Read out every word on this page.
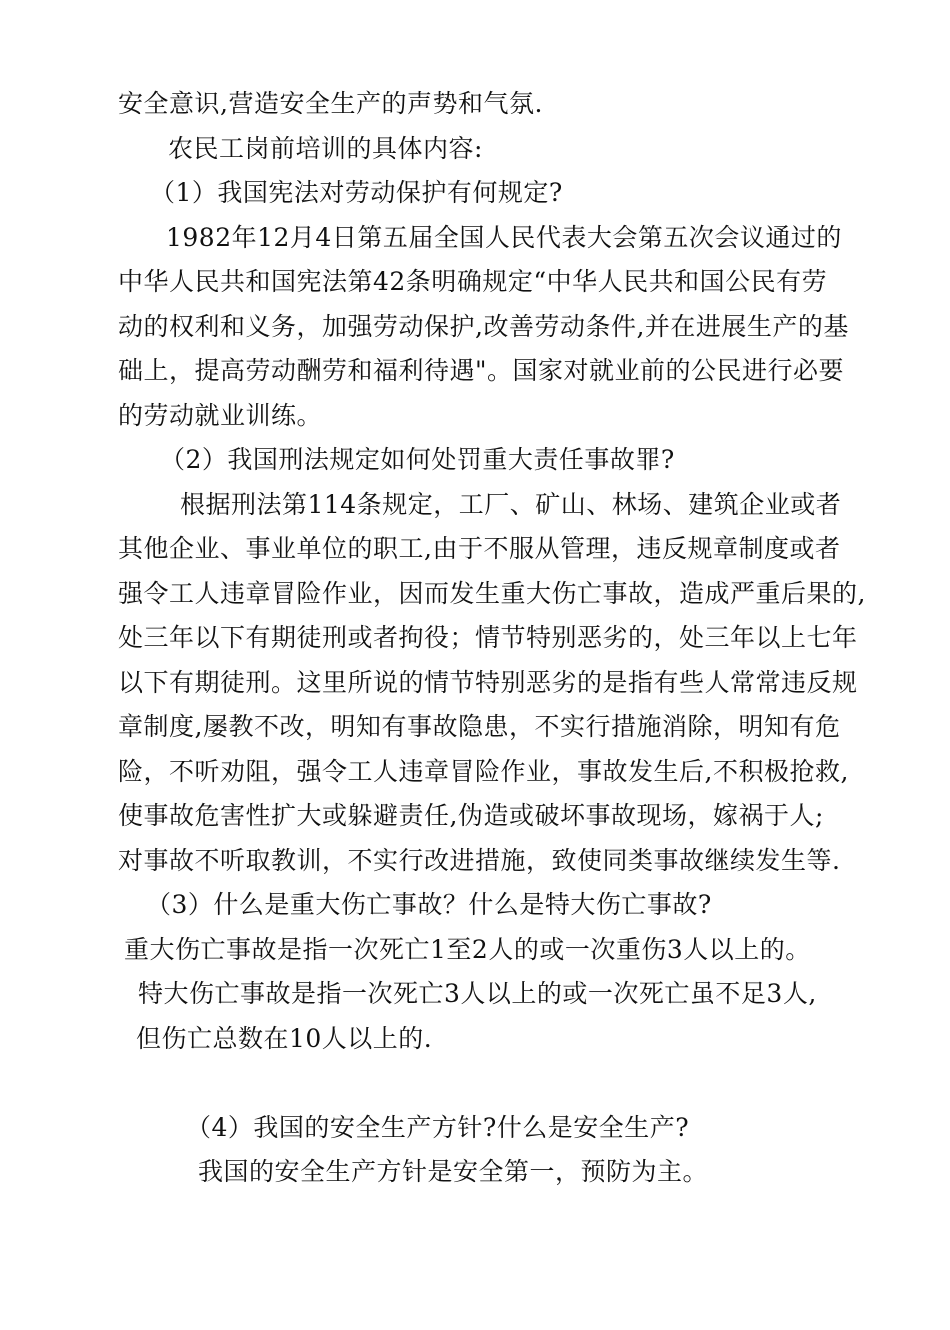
安全意识,营造安全生产的声势和气氛.
农民工岗前培训的具体内容:
（1）我国宪法对劳动保护有何规定?
1982年12月4日第五届全国人民代表大会第五次会议通过的
中华人民共和国宪法第42条明确规定“中华人民共和国公民有劳
动的权利和义务，加强劳动保护,改善劳动条件,并在进展生产的基
础上，提高劳动酬劳和福利待遇"。国家对就业前的公民进行必要
的劳动就业训练。
（2）我国刑法规定如何处罚重大责任事故罪?
根据刑法第114条规定，工厂、矿山、林场、建筑企业或者
其他企业、事业单位的职工,由于不服从管理，违反规章制度或者
强令工人违章冒险作业，因而发生重大伤亡事故，造成严重后果的,
处三年以下有期徒刑或者拘役；情节特别恶劣的，处三年以上七年
以下有期徒刑。这里所说的情节特别恶劣的是指有些人常常违反规
章制度,屡教不改，明知有事故隐患，不实行措施消除，明知有危
险，不听劝阻，强令工人违章冒险作业，事故发生后,不积极抢救,
使事故危害性扩大或躲避责任,伪造或破坏事故现场，嫁祸于人;
对事故不听取教训，不实行改进措施，致使同类事故继续发生等.
（3）什么是重大伤亡事故？什么是特大伤亡事故?
重大伤亡事故是指一次死亡1至2人的或一次重伤3人以上的。
特大伤亡事故是指一次死亡3人以上的或一次死亡虽不足3人,
但伤亡总数在10人以上的.
（4）我国的安全生产方针?什么是安全生产?
我国的安全生产方针是安全第一，预防为主。
